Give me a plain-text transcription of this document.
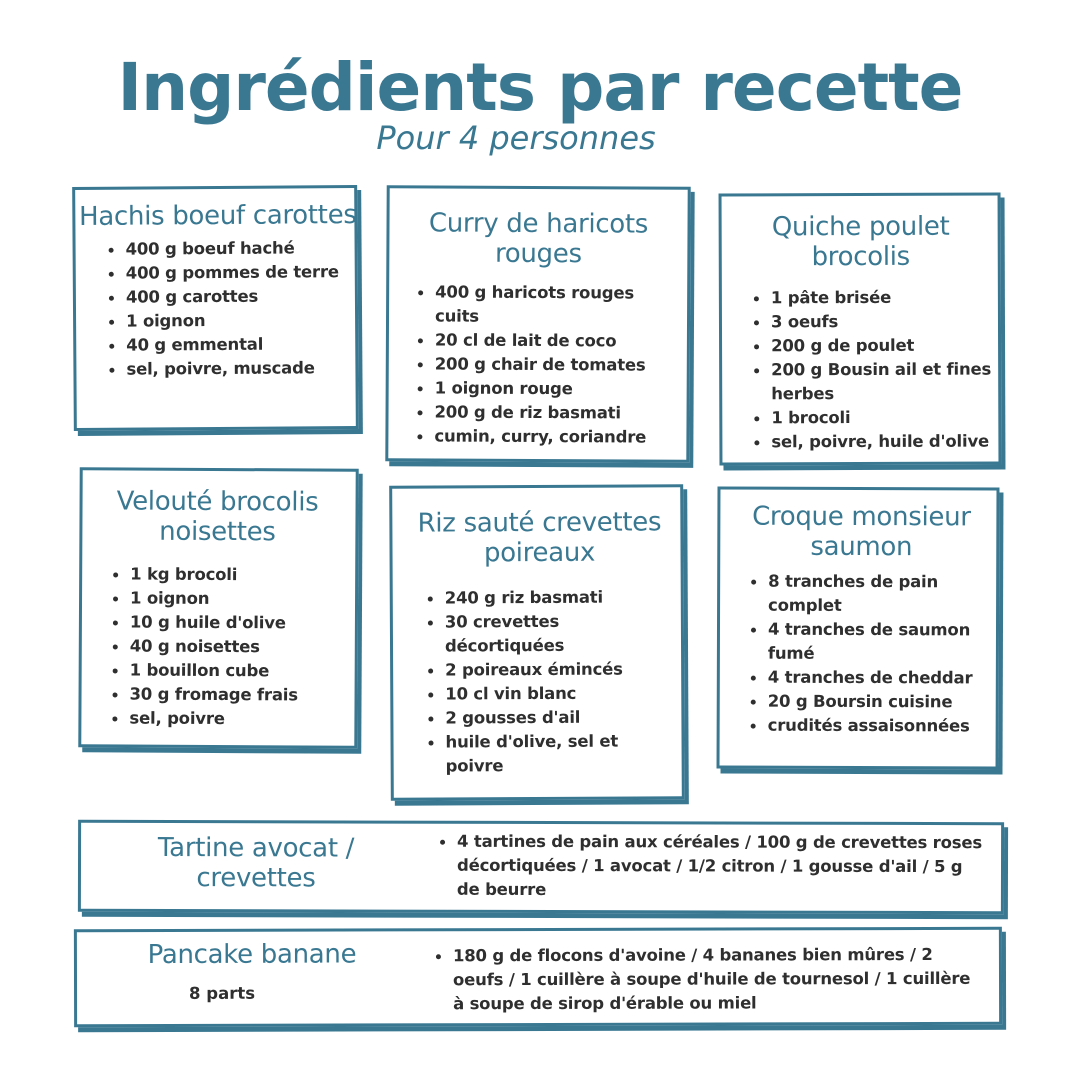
Ingrédients par recette
Pour 4 personnes
Hachis boeuf carottes
400 g boeuf haché
400 g pommes de terre
400 g carottes
1 oignon
40 g emmental
sel, poivre, muscade
Curry de haricots rouges
400 g haricots rouges cuits
20 cl de lait de coco
200 g chair de tomates
1 oignon rouge
200 g de riz basmati
cumin, curry, coriandre
Quiche poulet brocolis
1 pâte brisée
3 oeufs
200 g de poulet
200 g Bousin ail et fines herbes
1 brocoli
sel, poivre, huile d'olive
Velouté brocolis noisettes
1 kg brocoli
1 oignon
10 g huile d'olive
40 g noisettes
1 bouillon cube
30 g fromage frais
sel, poivre
Riz sauté crevettes poireaux
240 g riz basmati
30 crevettes décortiquées
2 poireaux émincés
10 cl vin blanc
2 gousses d'ail
huile d'olive, sel et poivre
Croque monsieur saumon
8 tranches de pain complet
4 tranches de saumon fumé
4 tranches de cheddar
20 g Boursin cuisine
crudités assaisonnées
Tartine avocat / crevettes
4 tartines de pain aux céréales / 100 g de crevettes roses décortiquées / 1 avocat / 1/2 citron / 1 gousse d'ail / 5 g de beurre
Pancake banane
8 parts
180 g de flocons d'avoine / 4 bananes bien mûres / 2 oeufs / 1 cuillère à soupe d'huile de tournesol / 1 cuillère à soupe de sirop d'érable ou miel
